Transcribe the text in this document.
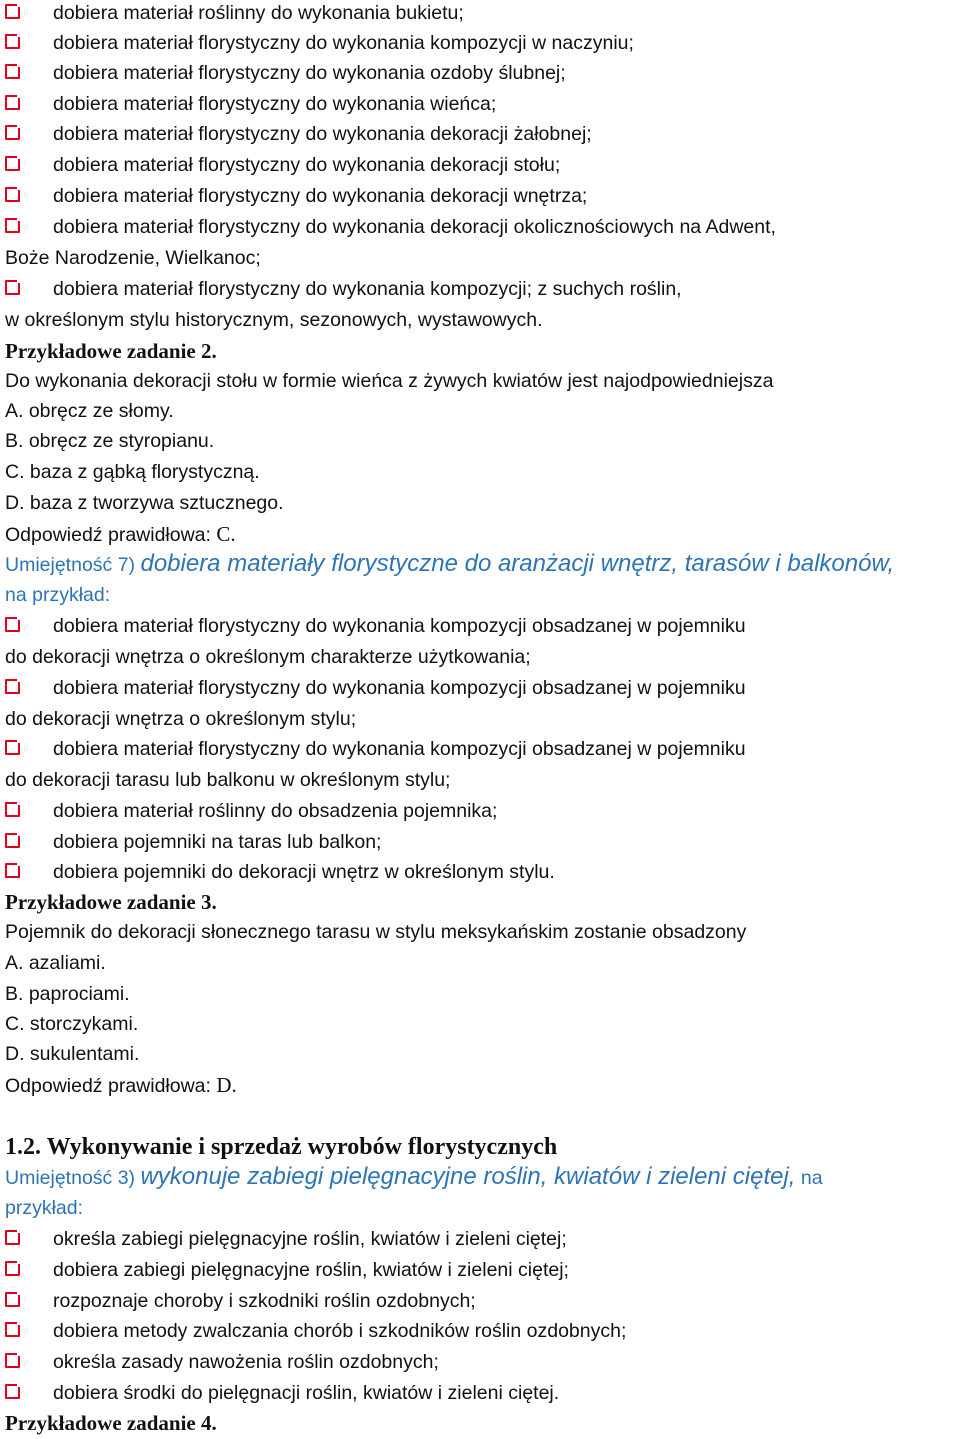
dobiera materiał roślinny do wykonania bukietu;
dobiera materiał florystyczny do wykonania kompozycji w naczyniu;
dobiera materiał florystyczny do wykonania ozdoby ślubnej;
dobiera materiał florystyczny do wykonania wieńca;
dobiera materiał florystyczny do wykonania dekoracji żałobnej;
dobiera materiał florystyczny do wykonania dekoracji stołu;
dobiera materiał florystyczny do wykonania dekoracji wnętrza;
dobiera materiał florystyczny do wykonania dekoracji okolicznościowych na Adwent,
Boże Narodzenie, Wielkanoc;
dobiera materiał florystyczny do wykonania kompozycji; z suchych roślin,
w określonym stylu historycznym, sezonowych, wystawowych.
Przykładowe zadanie 2.
Do wykonania dekoracji stołu w formie wieńca z żywych kwiatów jest najodpowiedniejsza
A. obręcz ze słomy.
B. obręcz ze styropianu.
C. baza z gąbką florystyczną.
D. baza z tworzywa sztucznego.
Odpowiedź prawidłowa: C.
Umiejętność 7) dobiera materiały florystyczne do aranżacji wnętrz, tarasów i balkonów,
na przykład:
dobiera materiał florystyczny do wykonania kompozycji obsadzanej w pojemniku
do dekoracji wnętrza o określonym charakterze użytkowania;
dobiera materiał florystyczny do wykonania kompozycji obsadzanej w pojemniku
do dekoracji wnętrza o określonym stylu;
dobiera materiał florystyczny do wykonania kompozycji obsadzanej w pojemniku
do dekoracji tarasu lub balkonu w określonym stylu;
dobiera materiał roślinny do obsadzenia pojemnika;
dobiera pojemniki na taras lub balkon;
dobiera pojemniki do dekoracji wnętrz w określonym stylu.
Przykładowe zadanie 3.
Pojemnik do dekoracji słonecznego tarasu w stylu meksykańskim zostanie obsadzony
A. azaliami.
B. paprociami.
C. storczykami.
D. sukulentami.
Odpowiedź prawidłowa: D.
1.2. Wykonywanie i sprzedaż wyrobów florystycznych
Umiejętność 3) wykonuje zabiegi pielęgnacyjne roślin, kwiatów i zieleni ciętej, na
przykład:
określa zabiegi pielęgnacyjne roślin, kwiatów i zieleni ciętej;
dobiera zabiegi pielęgnacyjne roślin, kwiatów i zieleni ciętej;
rozpoznaje choroby i szkodniki roślin ozdobnych;
dobiera metody zwalczania chorób i szkodników roślin ozdobnych;
określa zasady nawożenia roślin ozdobnych;
dobiera środki do pielęgnacji roślin, kwiatów i zieleni ciętej.
Przykładowe zadanie 4.
